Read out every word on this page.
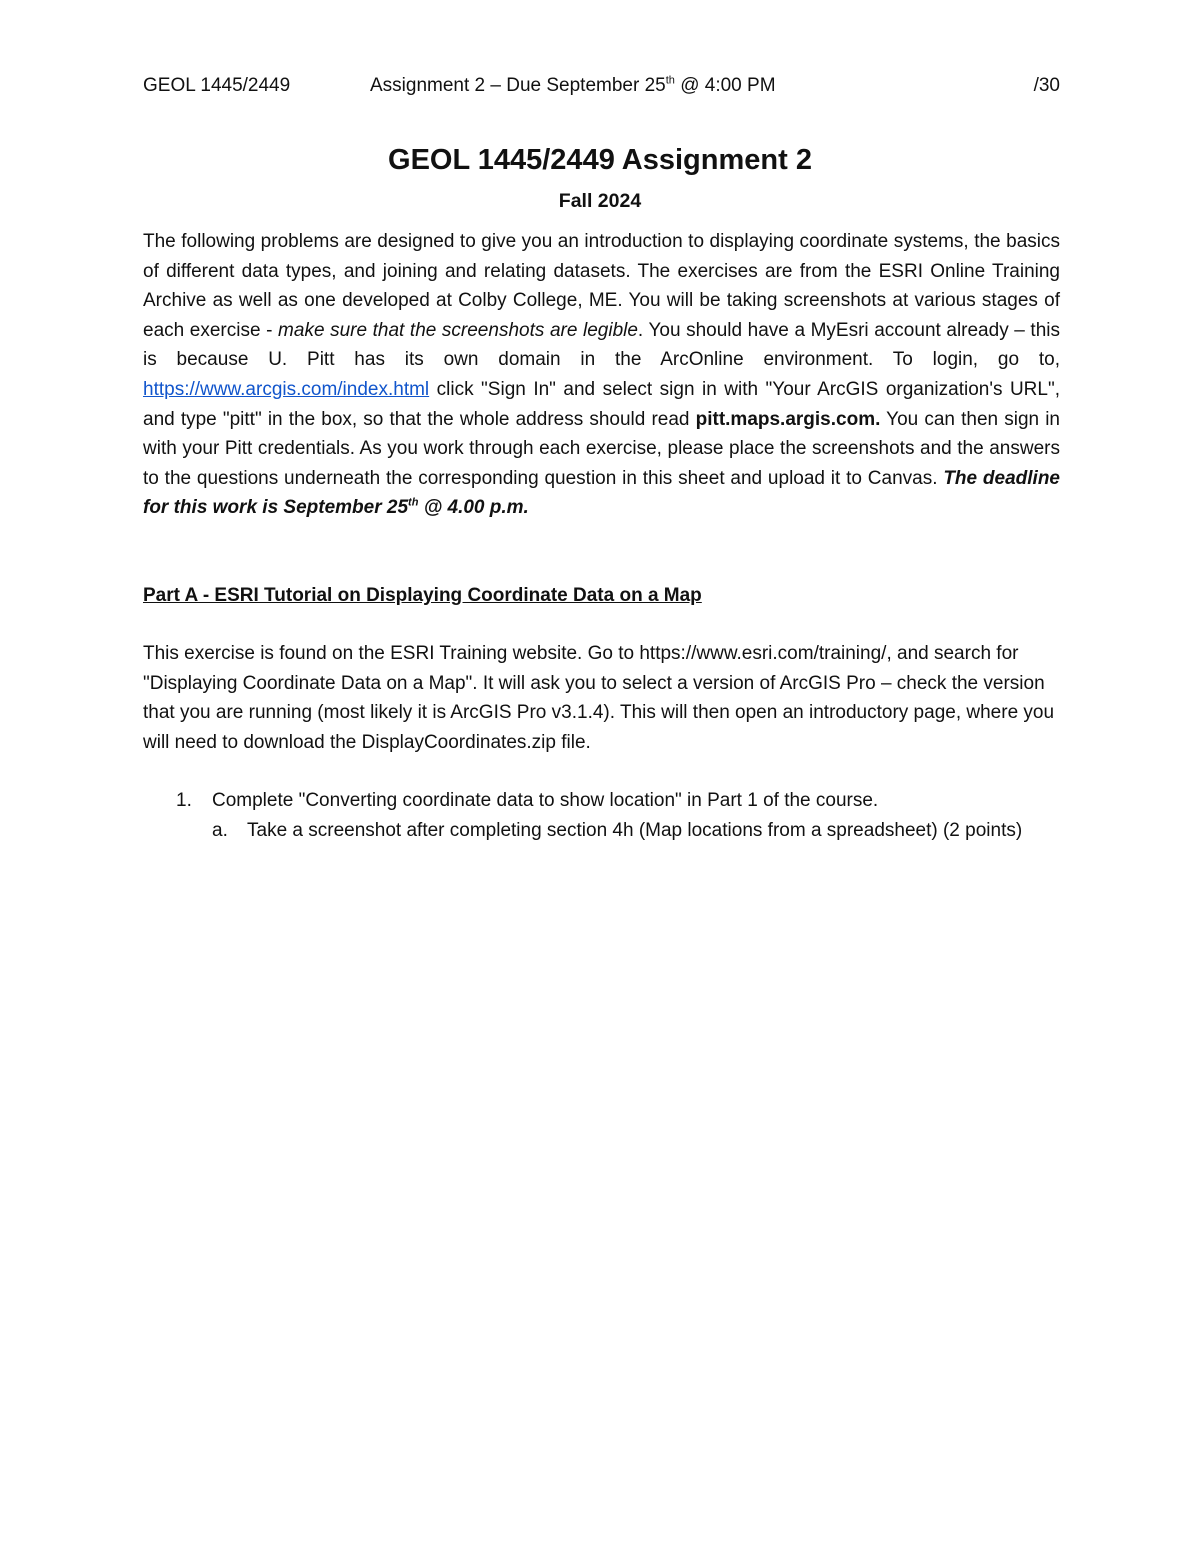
GEOL 1445/2449	Assignment 2 – Due September 25th @ 4:00 PM	/30
GEOL 1445/2449 Assignment 2
Fall 2024
The following problems are designed to give you an introduction to displaying coordinate systems, the basics of different data types, and joining and relating datasets. The exercises are from the ESRI Online Training Archive as well as one developed at Colby College, ME. You will be taking screenshots at various stages of each exercise - make sure that the screenshots are legible. You should have a MyEsri account already – this is because U. Pitt has its own domain in the ArcOnline environment. To login, go to, https://www.arcgis.com/index.html click "Sign In" and select sign in with "Your ArcGIS organization's URL", and type "pitt" in the box, so that the whole address should read pitt.maps.argis.com. You can then sign in with your Pitt credentials. As you work through each exercise, please place the screenshots and the answers to the questions underneath the corresponding question in this sheet and upload it to Canvas. The deadline for this work is September 25th @ 4.00 p.m.
Part A - ESRI Tutorial on Displaying Coordinate Data on a Map
This exercise is found on the ESRI Training website. Go to https://www.esri.com/training/, and search for "Displaying Coordinate Data on a Map". It will ask you to select a version of ArcGIS Pro – check the version that you are running (most likely it is ArcGIS Pro v3.1.4). This will then open an introductory page, where you will need to download the DisplayCoordinates.zip file.
1. Complete "Converting coordinate data to show location" in Part 1 of the course.
a. Take a screenshot after completing section 4h (Map locations from a spreadsheet) (2 points)
